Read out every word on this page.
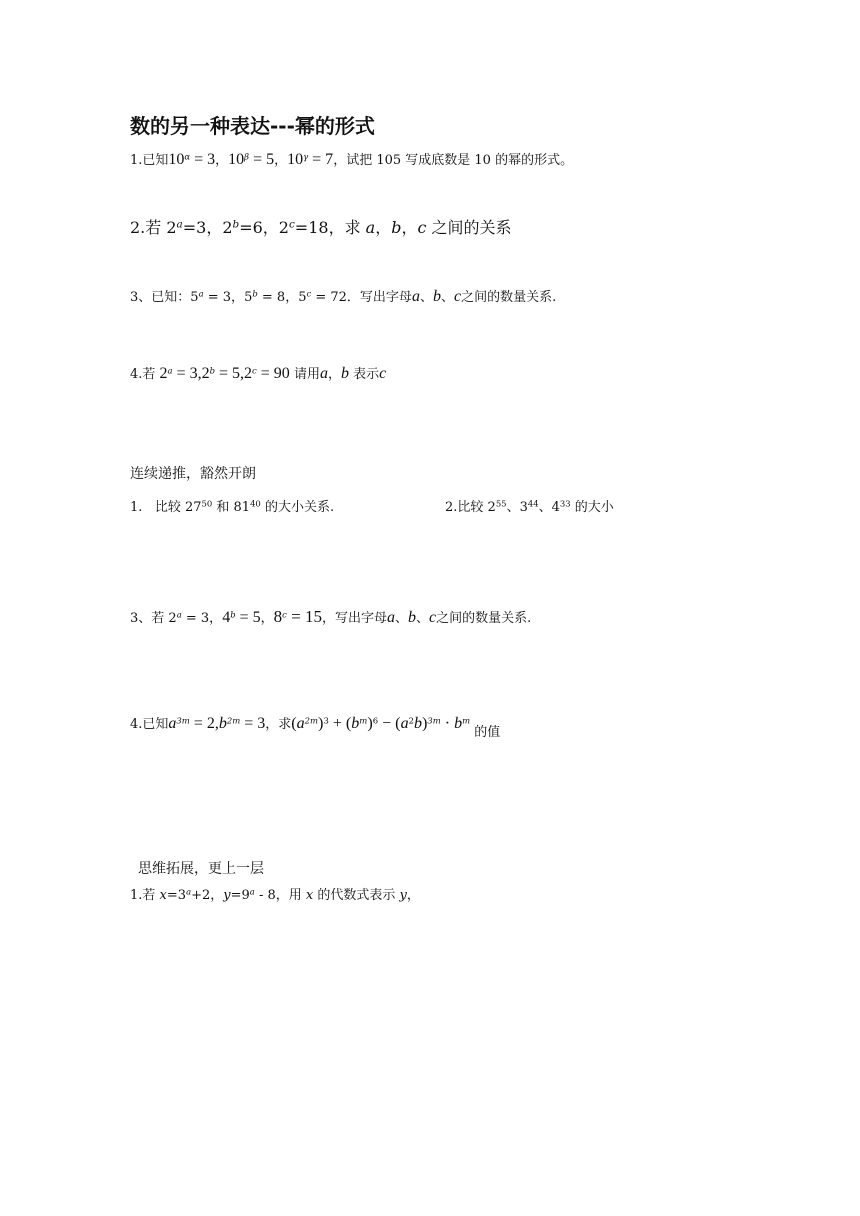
数的另一种表达---幂的形式
1.已知$10^\alpha = 3$，$10^\beta = 5$，$10^\gamma = 7$，试把 105 写成底数是 10 的幂的形式。
2.若 $2^a=3$，$2^b=6$，$2^c=18$，求 a，b，c 之间的关系
3、已知：$5^a = 3$，$5^b = 8$，$5^c = 72$．写出字母a、b、c之间的数量关系.
4.若 $2^a = 3,2^b = 5,2^c = 90$ 请用a，b 表示c
连续递推，豁然开朗
1. 比较 $27^{50}$ 和 $81^{40}$ 的大小关系.	2.比较 $2^{55}$、$3^{44}$、$4^{33}$ 的大小
3、若 $2^a = 3$，$4^b = 5$，$8^c = 15$，写出字母a、b、c之间的数量关系.
4.已知$a^{3m} = 2,b^{2m} = 3$，求$(a^{2m})^3 + (b^m)^6 - (a^2b)^{3m} \cdot b^m$ 的值
思维拓展，更上一层
1.若 $x=3^a+2$，$y=9^a - 8$，用 x 的代数式表示 y，
